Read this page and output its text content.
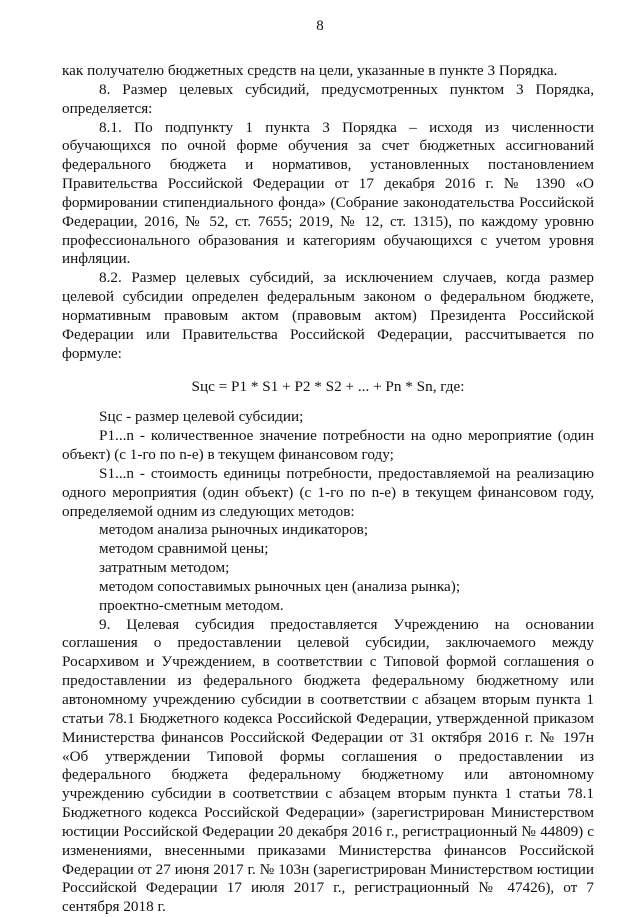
8

как получателю бюджетных средств на цели, указанные в пункте 3 Порядка.

8. Размер целевых субсидий, предусмотренных пунктом 3 Порядка, определяется:

8.1. По подпункту 1 пункта 3 Порядка – исходя из численности обучающихся по очной форме обучения за счет бюджетных ассигнований федерального бюджета и нормативов, установленных постановлением Правительства Российской Федерации от 17 декабря 2016 г. № 1390 «О формировании стипендиального фонда» (Собрание законодательства Российской Федерации, 2016, № 52, ст. 7655; 2019, № 12, ст. 1315), по каждому уровню профессионального образования и категориям обучающихся с учетом уровня инфляции.

8.2. Размер целевых субсидий, за исключением случаев, когда размер целевой субсидии определен федеральным законом о федеральном бюджете, нормативным правовым актом (правовым актом) Президента Российской Федерации или Правительства Российской Федерации, рассчитывается по формуле:

Sцс = P1 * S1 + P2 * S2 + ... + Pn * Sn, где:

Sцс - размер целевой субсидии;

P1...n - количественное значение потребности на одно мероприятие (один объект) (с 1-го по n-е) в текущем финансовом году;

S1...n - стоимость единицы потребности, предоставляемой на реализацию одного мероприятия (один объект) (с 1-го по n-е) в текущем финансовом году, определяемой одним из следующих методов:

методом анализа рыночных индикаторов;

методом сравнимой цены;

затратным методом;

методом сопоставимых рыночных цен (анализа рынка);

проектно-сметным методом.

9. Целевая субсидия предоставляется Учреждению на основании соглашения о предоставлении целевой субсидии, заключаемого между Росархивом и Учреждением, в соответствии с Типовой формой соглашения о предоставлении из федерального бюджета федеральному бюджетному или автономному учреждению субсидии в соответствии с абзацем вторым пункта 1 статьи 78.1 Бюджетного кодекса Российской Федерации, утвержденной приказом Министерства финансов Российской Федерации от 31 октября 2016 г. № 197н «Об утверждении Типовой формы соглашения о предоставлении из федерального бюджета федеральному бюджетному или автономному учреждению субсидии в соответствии с абзацем вторым пункта 1 статьи 78.1 Бюджетного кодекса Российской Федерации» (зарегистрирован Министерством юстиции Российской Федерации 20 декабря 2016 г., регистрационный № 44809) с изменениями, внесенными приказами Министерства финансов Российской Федерации от 27 июня 2017 г. № 103н (зарегистрирован Министерством юстиции Российской Федерации 17 июля 2017 г., регистрационный № 47426), от 7 сентября 2018 г.
